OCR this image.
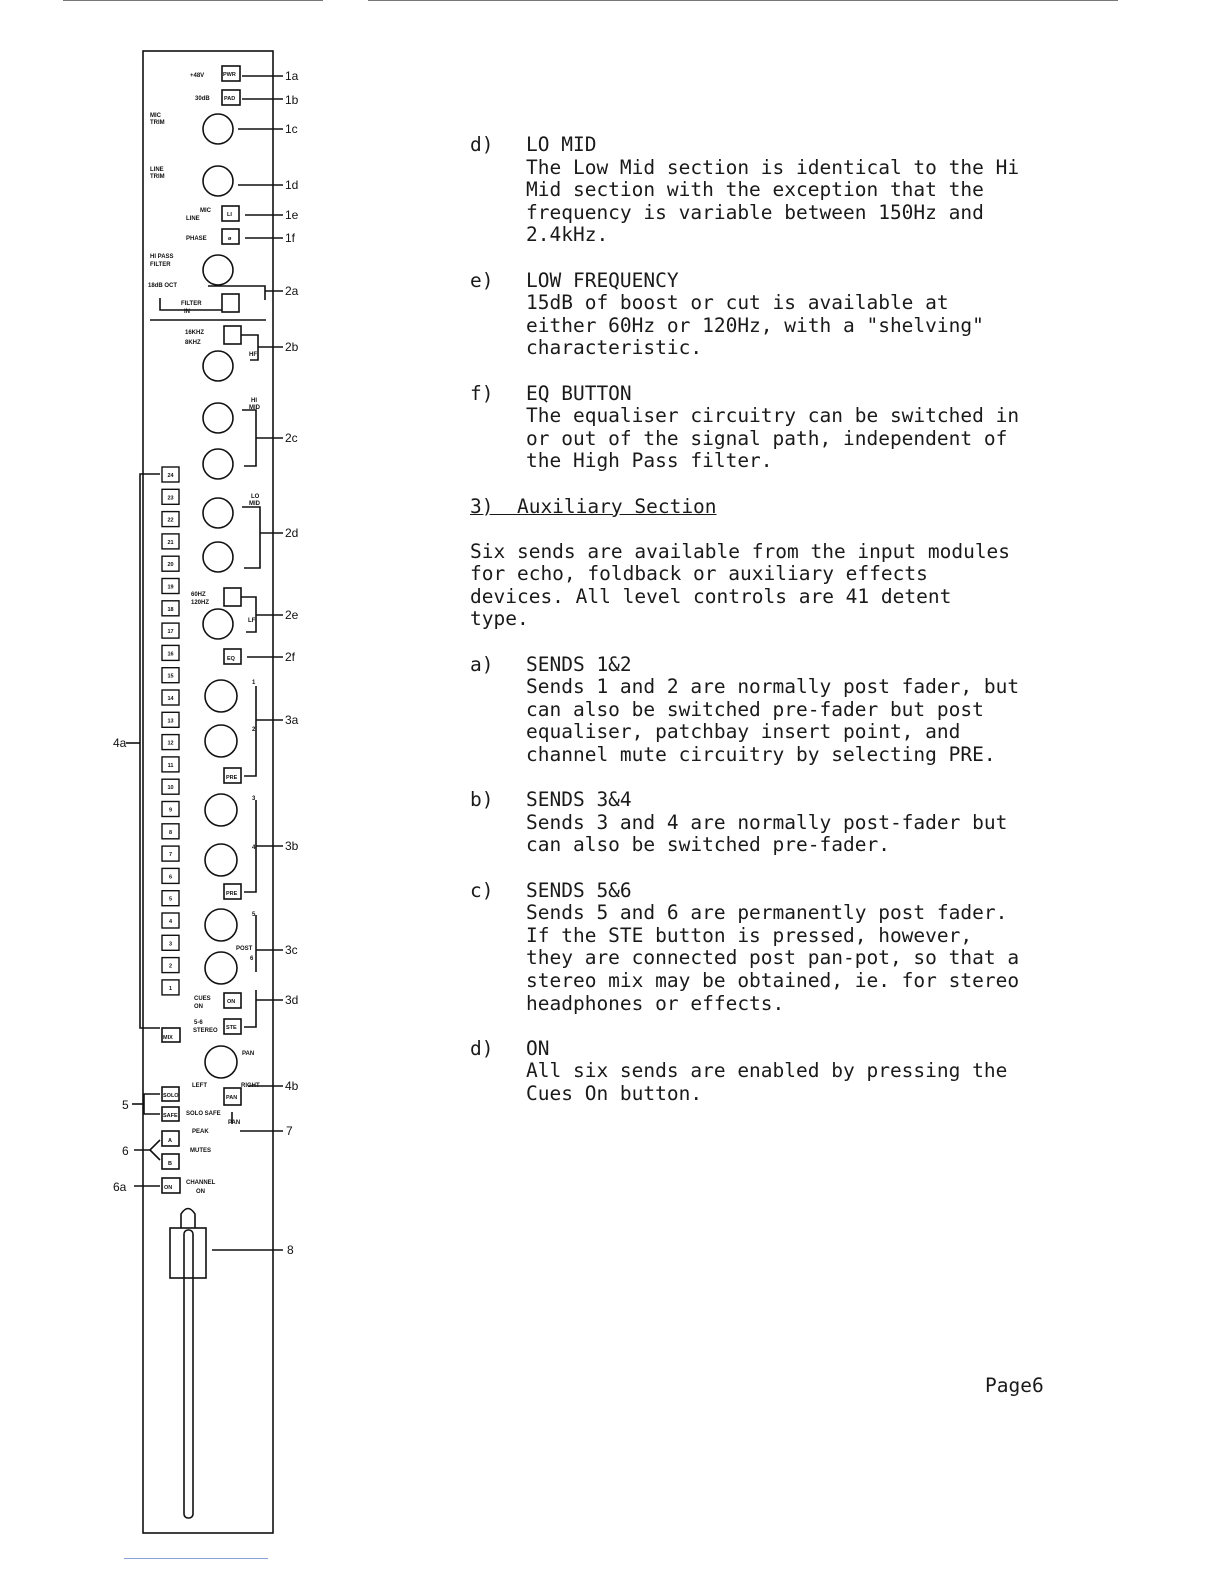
1a
1b
1c
1d
1e
1f
2a
2b
2c
2d
2e
2f
3a
3b
3c
3d
4a
4b
5
6
6a
7
8
+48V	PWR
30dB	PAD
MIC
TRIM
LINE
TRIM
MIC
LINE
LI
PHASE	ø
HI PASS
FILTER
18dB OCT
FILTER
IN
16KHZ
8KHZ
HF
HI
MID
LO
MID
60HZ
120HZ
LF
EQ
1
2
PRE
3
4
PRE
5
POST
6
CUES
ON
ON
5-6
STEREO STE
PAN
LEFT	RIGHT
PAN
SOLO
SAFE SOLO SAFE
PAN
PEAK
A
B
MUTES
ON
CHANNEL
ON
MIX
24
23
22
21
20
19
18
17
16
15
14
13
12
11
10
9
8
7
6
5
4
3
2
1
d)	LO MID
The Low Mid section is identical to the Hi
Mid section with the exception that the
frequency is variable between 150Hz and
2.4kHz.
e)	LOW FREQUENCY
15dB of boost or cut is available at
either 60Hz or 120Hz, with a "shelving"
characteristic.
f)	EQ BUTTON
The equaliser circuitry can be switched in
or out of the signal path, independent of
the High Pass filter.
3)  Auxiliary Section
Six sends are available from the input modules
for echo, foldback or auxiliary effects
devices. All level controls are 41 detent
type.
a)	SENDS 1&2
Sends 1 and 2 are normally post fader, but
can also be switched pre-fader but post
equaliser, patchbay insert point, and
channel mute circuitry by selecting PRE.
b)	SENDS 3&4
Sends 3 and 4 are normally post-fader but
can also be switched pre-fader.
c)	SENDS 5&6
Sends 5 and 6 are permanently post fader.
If the STE button is pressed, however,
they are connected post pan-pot, so that a
stereo mix may be obtained, ie. for stereo
headphones or effects.
d)	ON
All six sends are enabled by pressing the
Cues On button.
Page6
